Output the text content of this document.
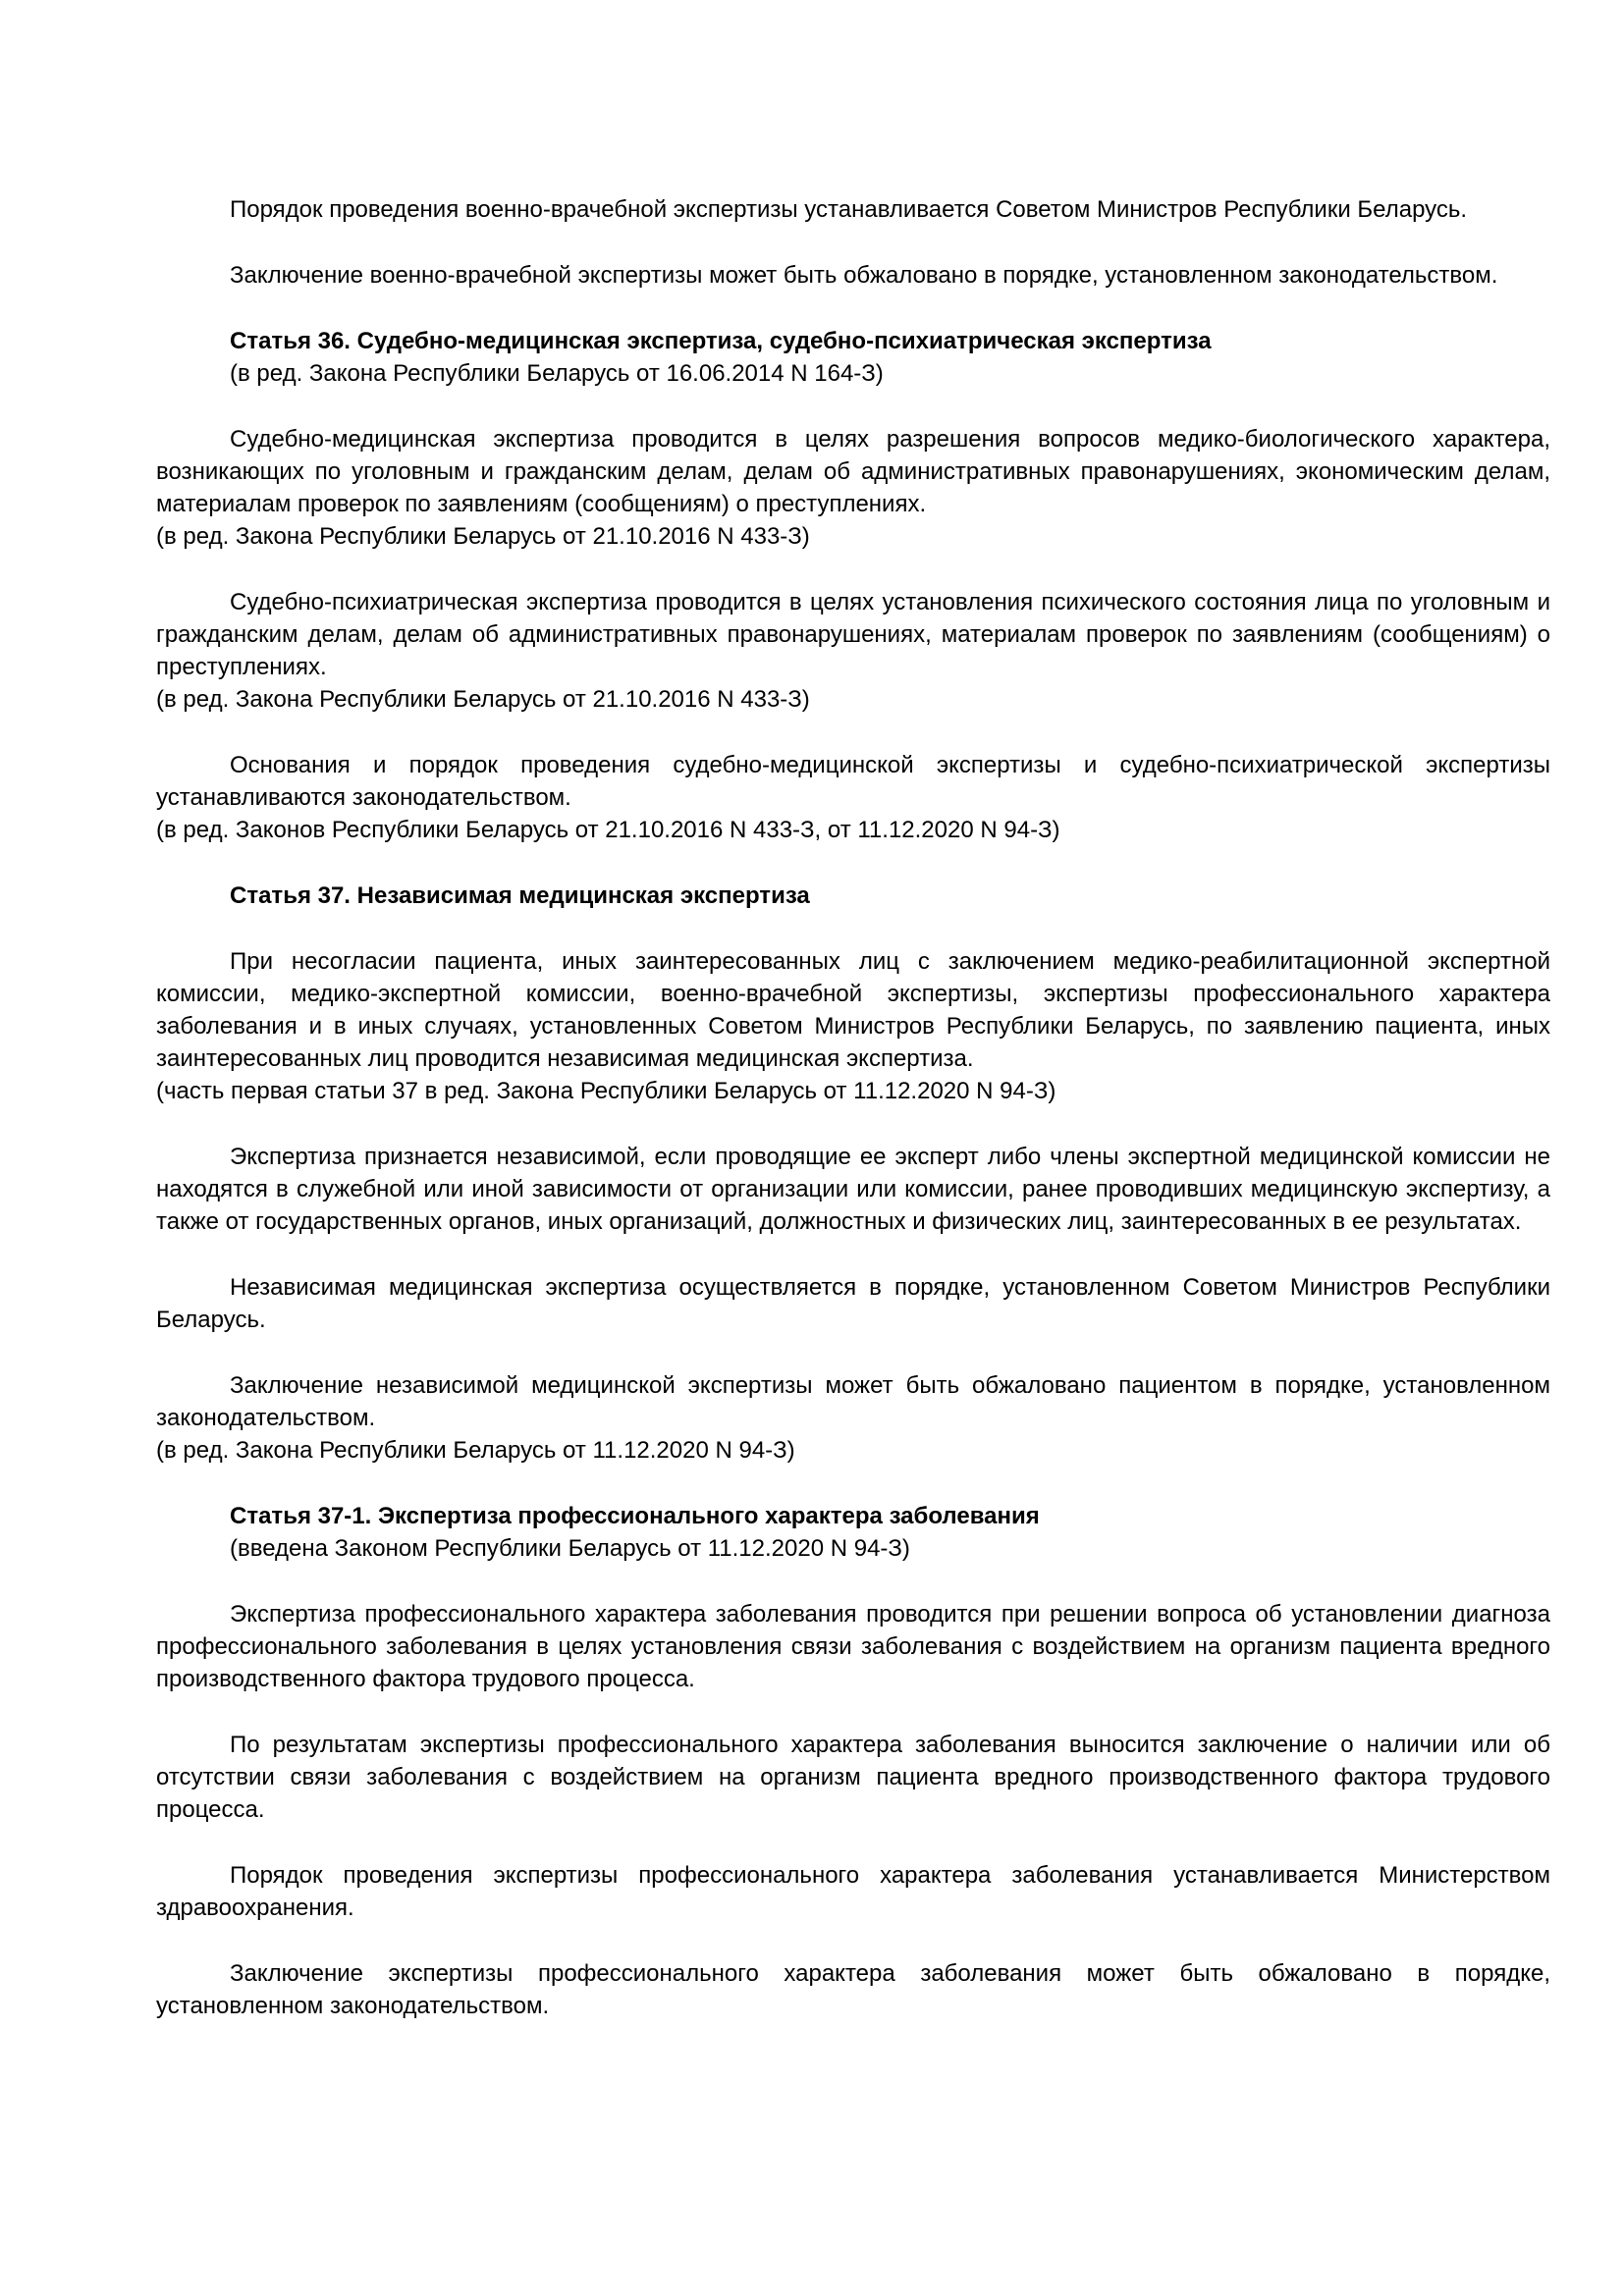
Порядок проведения военно-врачебной экспертизы устанавливается Советом Министров Республики Беларусь.

Заключение военно-врачебной экспертизы может быть обжаловано в порядке, установленном законодательством.

Статья 36. Судебно-медицинская экспертиза, судебно-психиатрическая экспертиза

(в ред. Закона Республики Беларусь от 16.06.2014 N 164-З)

Судебно-медицинская экспертиза проводится в целях разрешения вопросов медико-биологического характера, возникающих по уголовным и гражданским делам, делам об административных правонарушениях, экономическим делам, материалам проверок по заявлениям (сообщениям) о преступлениях.

(в ред. Закона Республики Беларусь от 21.10.2016 N 433-З)

Судебно-психиатрическая экспертиза проводится в целях установления психического состояния лица по уголовным и гражданским делам, делам об административных правонарушениях, материалам проверок по заявлениям (сообщениям) о преступлениях.

(в ред. Закона Республики Беларусь от 21.10.2016 N 433-З)

Основания и порядок проведения судебно-медицинской экспертизы и судебно-психиатрической экспертизы устанавливаются законодательством.

(в ред. Законов Республики Беларусь от 21.10.2016 N 433-З, от 11.12.2020 N 94-З)

Статья 37. Независимая медицинская экспертиза

При несогласии пациента, иных заинтересованных лиц с заключением медико-реабилитационной экспертной комиссии, медико-экспертной комиссии, военно-врачебной экспертизы, экспертизы профессионального характера заболевания и в иных случаях, установленных Советом Министров Республики Беларусь, по заявлению пациента, иных заинтересованных лиц проводится независимая медицинская экспертиза.

(часть первая статьи 37 в ред. Закона Республики Беларусь от 11.12.2020 N 94-З)

Экспертиза признается независимой, если проводящие ее эксперт либо члены экспертной медицинской комиссии не находятся в служебной или иной зависимости от организации или комиссии, ранее проводивших медицинскую экспертизу, а также от государственных органов, иных организаций, должностных и физических лиц, заинтересованных в ее результатах.

Независимая медицинская экспертиза осуществляется в порядке, установленном Советом Министров Республики Беларусь.

Заключение независимой медицинской экспертизы может быть обжаловано пациентом в порядке, установленном законодательством.

(в ред. Закона Республики Беларусь от 11.12.2020 N 94-З)

Статья 37-1. Экспертиза профессионального характера заболевания

(введена Законом Республики Беларусь от 11.12.2020 N 94-З)

Экспертиза профессионального характера заболевания проводится при решении вопроса об установлении диагноза профессионального заболевания в целях установления связи заболевания с воздействием на организм пациента вредного производственного фактора трудового процесса.

По результатам экспертизы профессионального характера заболевания выносится заключение о наличии или об отсутствии связи заболевания с воздействием на организм пациента вредного производственного фактора трудового процесса.

Порядок проведения экспертизы профессионального характера заболевания устанавливается Министерством здравоохранения.

Заключение экспертизы профессионального характера заболевания может быть обжаловано в порядке, установленном законодательством.
